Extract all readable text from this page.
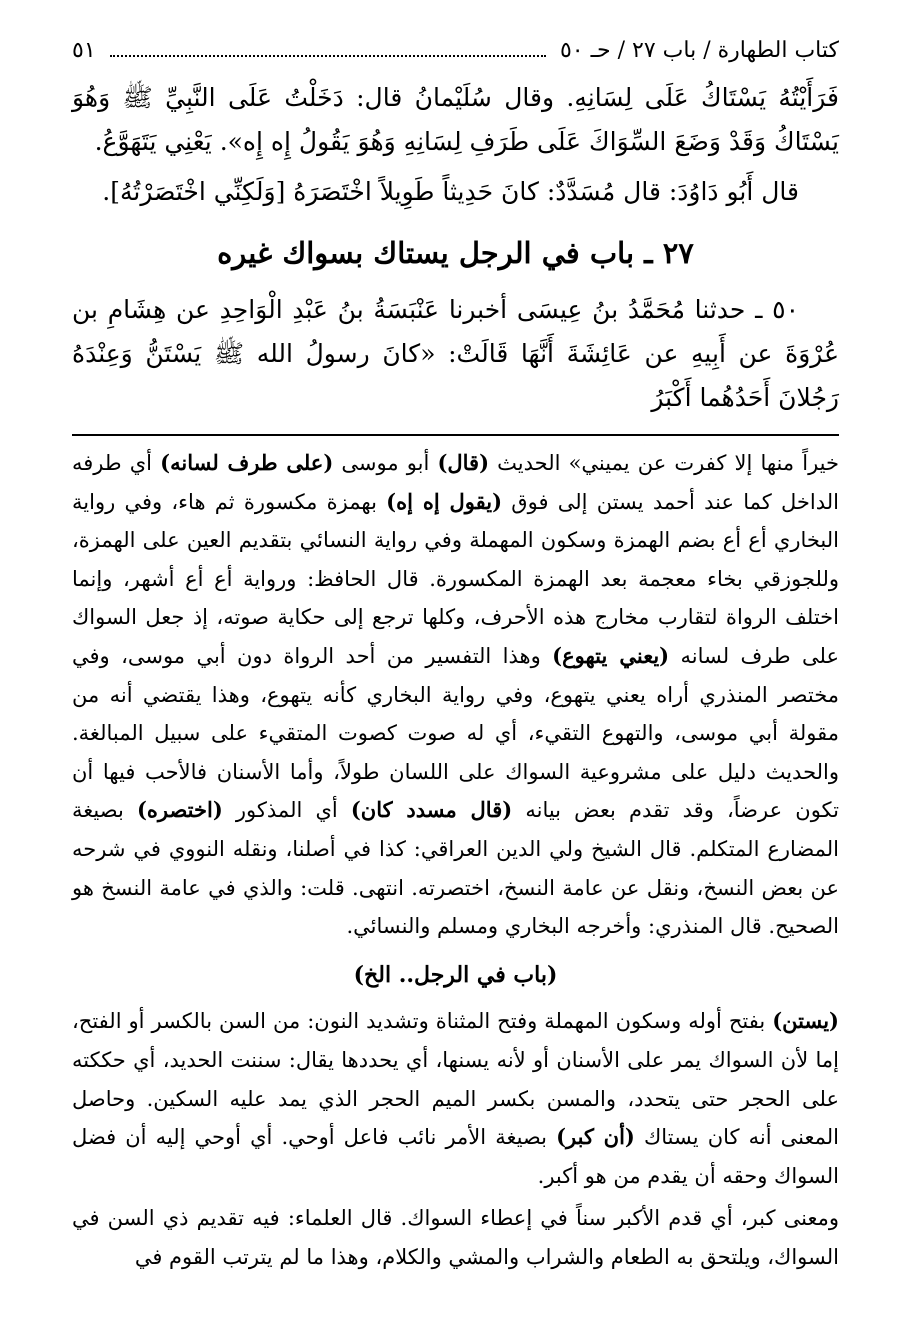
كتاب الطهارة / باب ٢٧ / حـ ٥٠
٥١

فَرَأَيْتُهُ يَسْتَاكُ عَلَى لِسَانِهِ. وقال سُلَيْمانُ قال: دَخَلْتُ عَلَى النَّبِيِّ ﷺ وَهُوَ يَسْتَاكُ وَقَدْ وَضَعَ السِّوَاكَ عَلَى طَرَفِ لِسَانِهِ وَهُوَ يَقُولُ إِه إِه». يَعْنِي يَتَهَوَّعُ.

قال أَبُو دَاوُدَ: قال مُسَدَّدٌ: كانَ حَدِيثاً طَوِيلاً اخْتَصَرَهُ [وَلَكِنِّي اخْتَصَرْتُهُ].

٢٧ ـ باب في الرجل يستاك بسواك غيره

٥٠ ـ حدثنا مُحَمَّدُ بنُ عِيسَى أخبرنا عَنْبَسَةُ بنُ عَبْدِ الْوَاحِدِ عن هِشَامِ بن عُرْوَةَ عن أَبِيهِ عن عَائِشَةَ أَنَّهَا قَالَتْ: «كانَ رسولُ الله ﷺ يَسْتَنُّ وَعِنْدَهُ رَجُلانَ أَحَدُهُما أَكْبَرُ

خيراً منها إلا كفرت عن يميني» الحديث (قال) أبو موسى (على طرف لسانه) أي طرفه الداخل كما عند أحمد يستن إلى فوق (يقول إه إه) بهمزة مكسورة ثم هاء، وفي رواية البخاري أع أع بضم الهمزة وسكون المهملة وفي رواية النسائي بتقديم العين على الهمزة، وللجوزقي بخاء معجمة بعد الهمزة المكسورة. قال الحافظ: ورواية أع أع أشهر، وإنما اختلف الرواة لتقارب مخارج هذه الأحرف، وكلها ترجع إلى حكاية صوته، إذ جعل السواك على طرف لسانه (يعني يتهوع) وهذا التفسير من أحد الرواة دون أبي موسى، وفي مختصر المنذري أراه يعني يتهوع، وفي رواية البخاري كأنه يتهوع، وهذا يقتضي أنه من مقولة أبي موسى، والتهوع التقيء، أي له صوت كصوت المتقيء على سبيل المبالغة. والحديث دليل على مشروعية السواك على اللسان طولاً، وأما الأسنان فالأحب فيها أن تكون عرضاً، وقد تقدم بعض بيانه (قال مسدد كان) أي المذكور (اختصره) بصيغة المضارع المتكلم. قال الشيخ ولي الدين العراقي: كذا في أصلنا، ونقله النووي في شرحه عن بعض النسخ، ونقل عن عامة النسخ، اختصرته. انتهى. قلت: والذي في عامة النسخ هو الصحيح. قال المنذري: وأخرجه البخاري ومسلم والنسائي.

(باب في الرجل.. الخ)

(يستن) بفتح أوله وسكون المهملة وفتح المثناة وتشديد النون: من السن بالكسر أو الفتح، إما لأن السواك يمر على الأسنان أو لأنه يسنها، أي يحددها يقال: سننت الحديد، أي حككته على الحجر حتى يتحدد، والمسن بكسر الميم الحجر الذي يمد عليه السكين. وحاصل المعنى أنه كان يستاك (أن كبر) بصيغة الأمر نائب فاعل أوحي. أي أوحي إليه أن فضل السواك وحقه أن يقدم من هو أكبر.

ومعنى كبر، أي قدم الأكبر سناً في إعطاء السواك. قال العلماء: فيه تقديم ذي السن في السواك، ويلتحق به الطعام والشراب والمشي والكلام، وهذا ما لم يترتب القوم في
